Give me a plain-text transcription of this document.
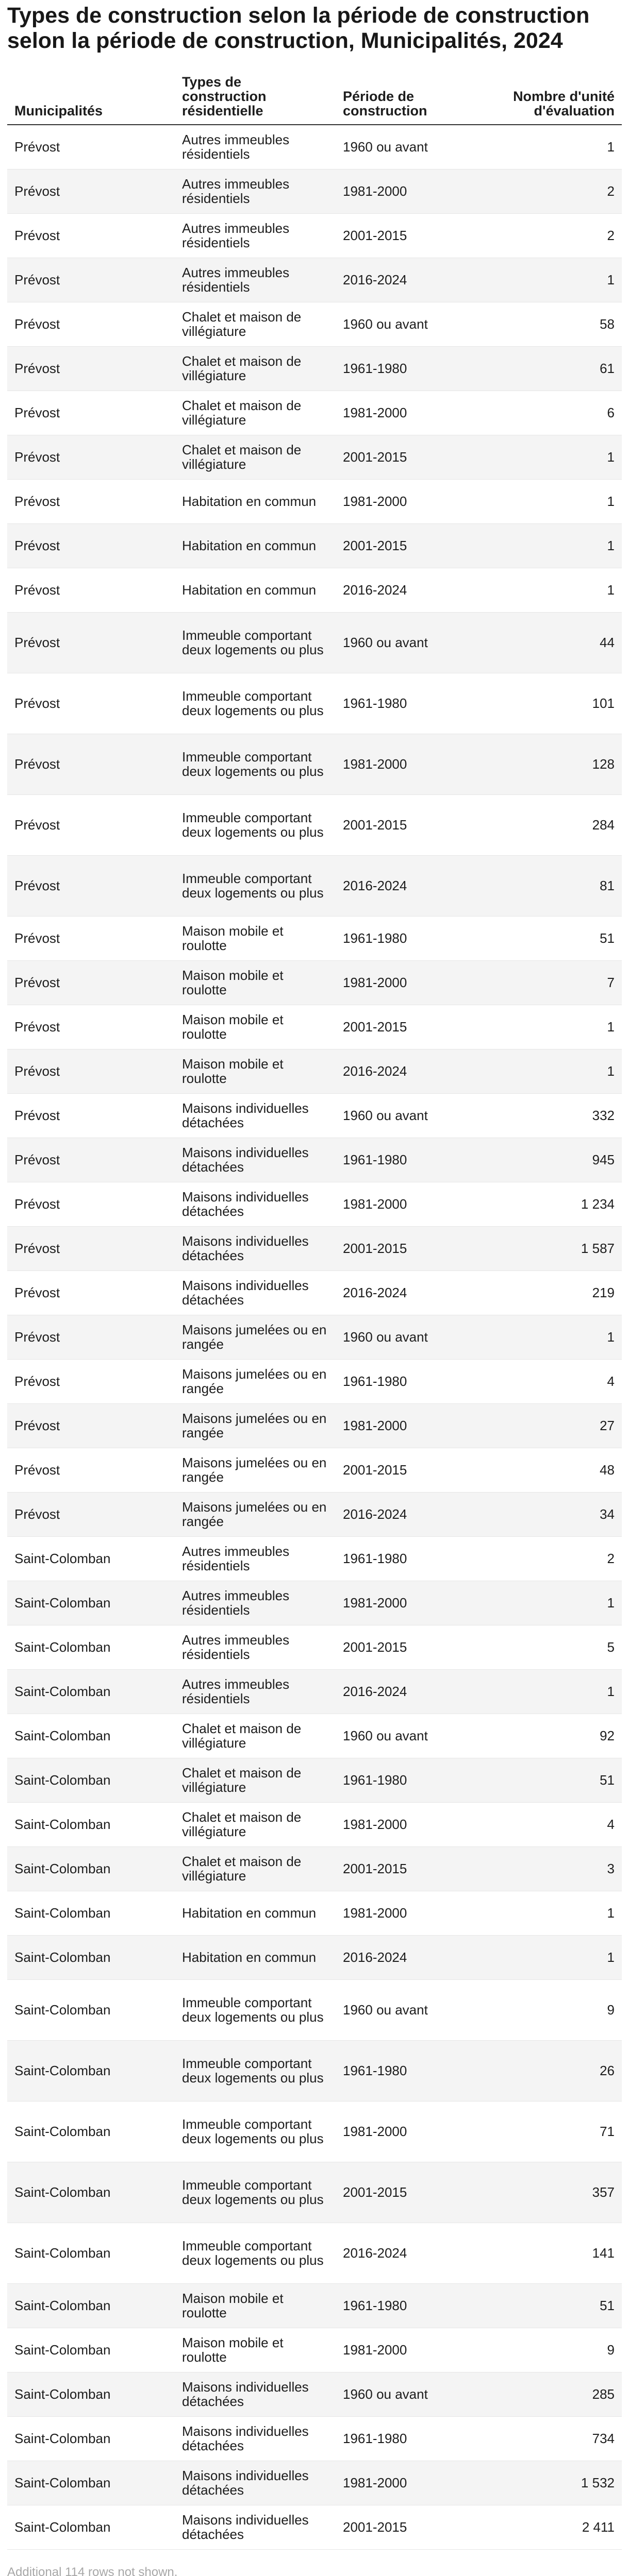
Types de construction selon la période de construction selon la période de construction, Municipalités, 2024
Municipalités	Types de construction résidentielle	Période de construction	Nombre d'unité d'évaluation
Prévost	Autres immeubles résidentiels	1960 ou avant	1
Prévost	Autres immeubles résidentiels	1981-2000	2
Prévost	Autres immeubles résidentiels	2001-2015	2
Prévost	Autres immeubles résidentiels	2016-2024	1
Prévost	Chalet et maison de villégiature	1960 ou avant	58
Prévost	Chalet et maison de villégiature	1961-1980	61
Prévost	Chalet et maison de villégiature	1981-2000	6
Prévost	Chalet et maison de villégiature	2001-2015	1
Prévost	Habitation en commun	1981-2000	1
Prévost	Habitation en commun	2001-2015	1
Prévost	Habitation en commun	2016-2024	1
Prévost	Immeuble comportant deux logements ou plus	1960 ou avant	44
Prévost	Immeuble comportant deux logements ou plus	1961-1980	101
Prévost	Immeuble comportant deux logements ou plus	1981-2000	128
Prévost	Immeuble comportant deux logements ou plus	2001-2015	284
Prévost	Immeuble comportant deux logements ou plus	2016-2024	81
Prévost	Maison mobile et roulotte	1961-1980	51
Prévost	Maison mobile et roulotte	1981-2000	7
Prévost	Maison mobile et roulotte	2001-2015	1
Prévost	Maison mobile et roulotte	2016-2024	1
Prévost	Maisons individuelles détachées	1960 ou avant	332
Prévost	Maisons individuelles détachées	1961-1980	945
Prévost	Maisons individuelles détachées	1981-2000	1 234
Prévost	Maisons individuelles détachées	2001-2015	1 587
Prévost	Maisons individuelles détachées	2016-2024	219
Prévost	Maisons jumelées ou en rangée	1960 ou avant	1
Prévost	Maisons jumelées ou en rangée	1961-1980	4
Prévost	Maisons jumelées ou en rangée	1981-2000	27
Prévost	Maisons jumelées ou en rangée	2001-2015	48
Prévost	Maisons jumelées ou en rangée	2016-2024	34
Saint-Colomban	Autres immeubles résidentiels	1961-1980	2
Saint-Colomban	Autres immeubles résidentiels	1981-2000	1
Saint-Colomban	Autres immeubles résidentiels	2001-2015	5
Saint-Colomban	Autres immeubles résidentiels	2016-2024	1
Saint-Colomban	Chalet et maison de villégiature	1960 ou avant	92
Saint-Colomban	Chalet et maison de villégiature	1961-1980	51
Saint-Colomban	Chalet et maison de villégiature	1981-2000	4
Saint-Colomban	Chalet et maison de villégiature	2001-2015	3
Saint-Colomban	Habitation en commun	1981-2000	1
Saint-Colomban	Habitation en commun	2016-2024	1
Saint-Colomban	Immeuble comportant deux logements ou plus	1960 ou avant	9
Saint-Colomban	Immeuble comportant deux logements ou plus	1961-1980	26
Saint-Colomban	Immeuble comportant deux logements ou plus	1981-2000	71
Saint-Colomban	Immeuble comportant deux logements ou plus	2001-2015	357
Saint-Colomban	Immeuble comportant deux logements ou plus	2016-2024	141
Saint-Colomban	Maison mobile et roulotte	1961-1980	51
Saint-Colomban	Maison mobile et roulotte	1981-2000	9
Saint-Colomban	Maisons individuelles détachées	1960 ou avant	285
Saint-Colomban	Maisons individuelles détachées	1961-1980	734
Saint-Colomban	Maisons individuelles détachées	1981-2000	1 532
Saint-Colomban	Maisons individuelles détachées	2001-2015	2 411
Additional 114 rows not shown.
